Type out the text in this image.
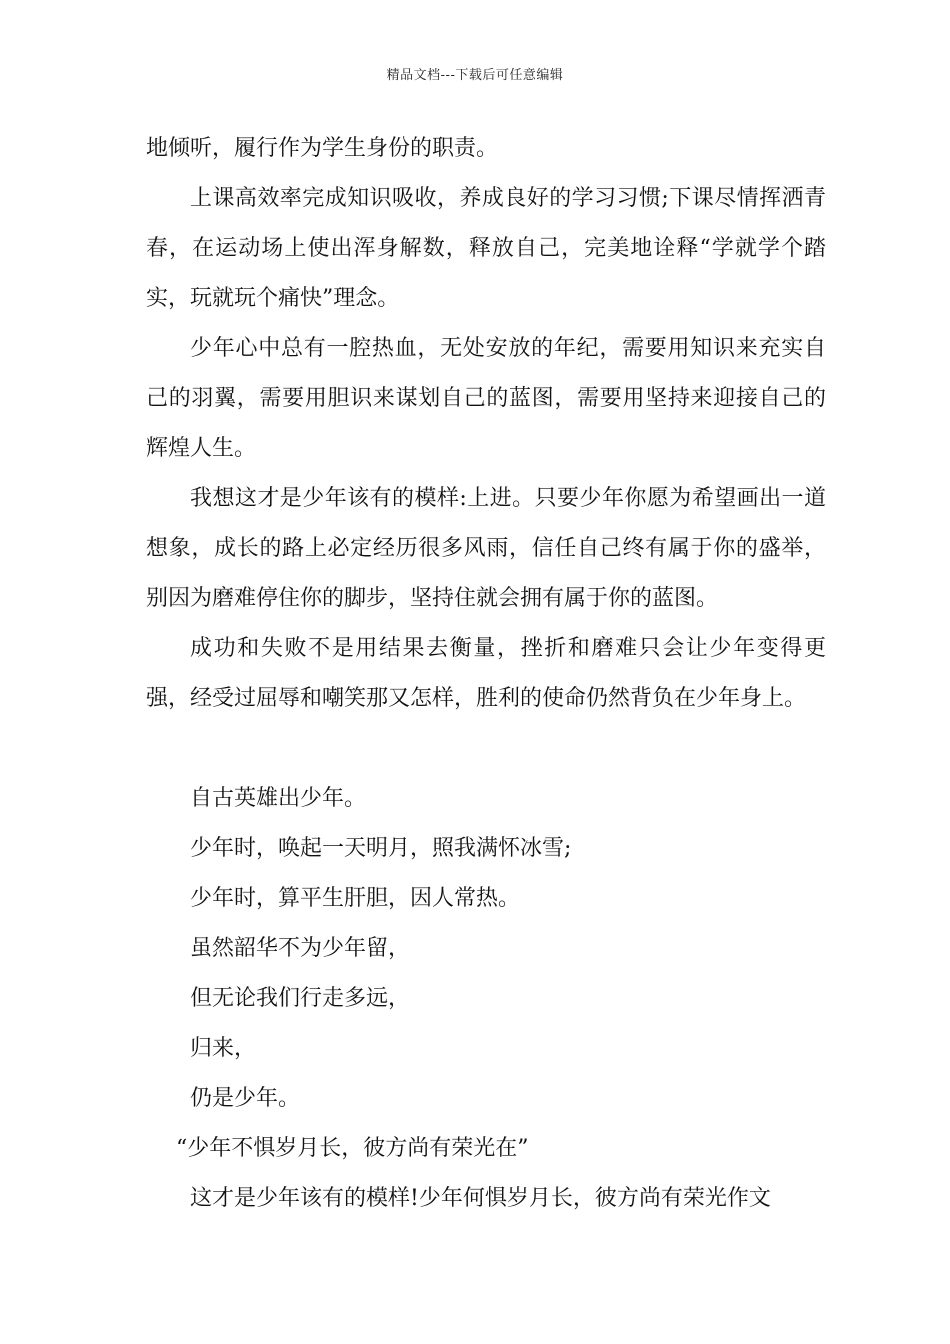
精品文档---下载后可任意编辑

地倾听，履行作为学生身份的职责。

上课高效率完成知识吸收，养成良好的学习习惯;下课尽情挥洒青春，在运动场上使出浑身解数，释放自己，完美地诠释“学就学个踏实，玩就玩个痛快”理念。

少年心中总有一腔热血，无处安放的年纪，需要用知识来充实自己的羽翼，需要用胆识来谋划自己的蓝图，需要用坚持来迎接自己的辉煌人生。

我想这才是少年该有的模样:上进。只要少年你愿为希望画出一道想象，成长的路上必定经历很多风雨，信任自己终有属于你的盛举，别因为磨难停住你的脚步，坚持住就会拥有属于你的蓝图。

成功和失败不是用结果去衡量，挫折和磨难只会让少年变得更强，经受过屈辱和嘲笑那又怎样，胜利的使命仍然背负在少年身上。

自古英雄出少年。

少年时，唤起一天明月，照我满怀冰雪;

少年时，算平生肝胆，因人常热。

虽然韶华不为少年留，

但无论我们行走多远，

归来，

仍是少年。

“少年不惧岁月长，彼方尚有荣光在”

这才是少年该有的模样!少年何惧岁月长，彼方尚有荣光作文
